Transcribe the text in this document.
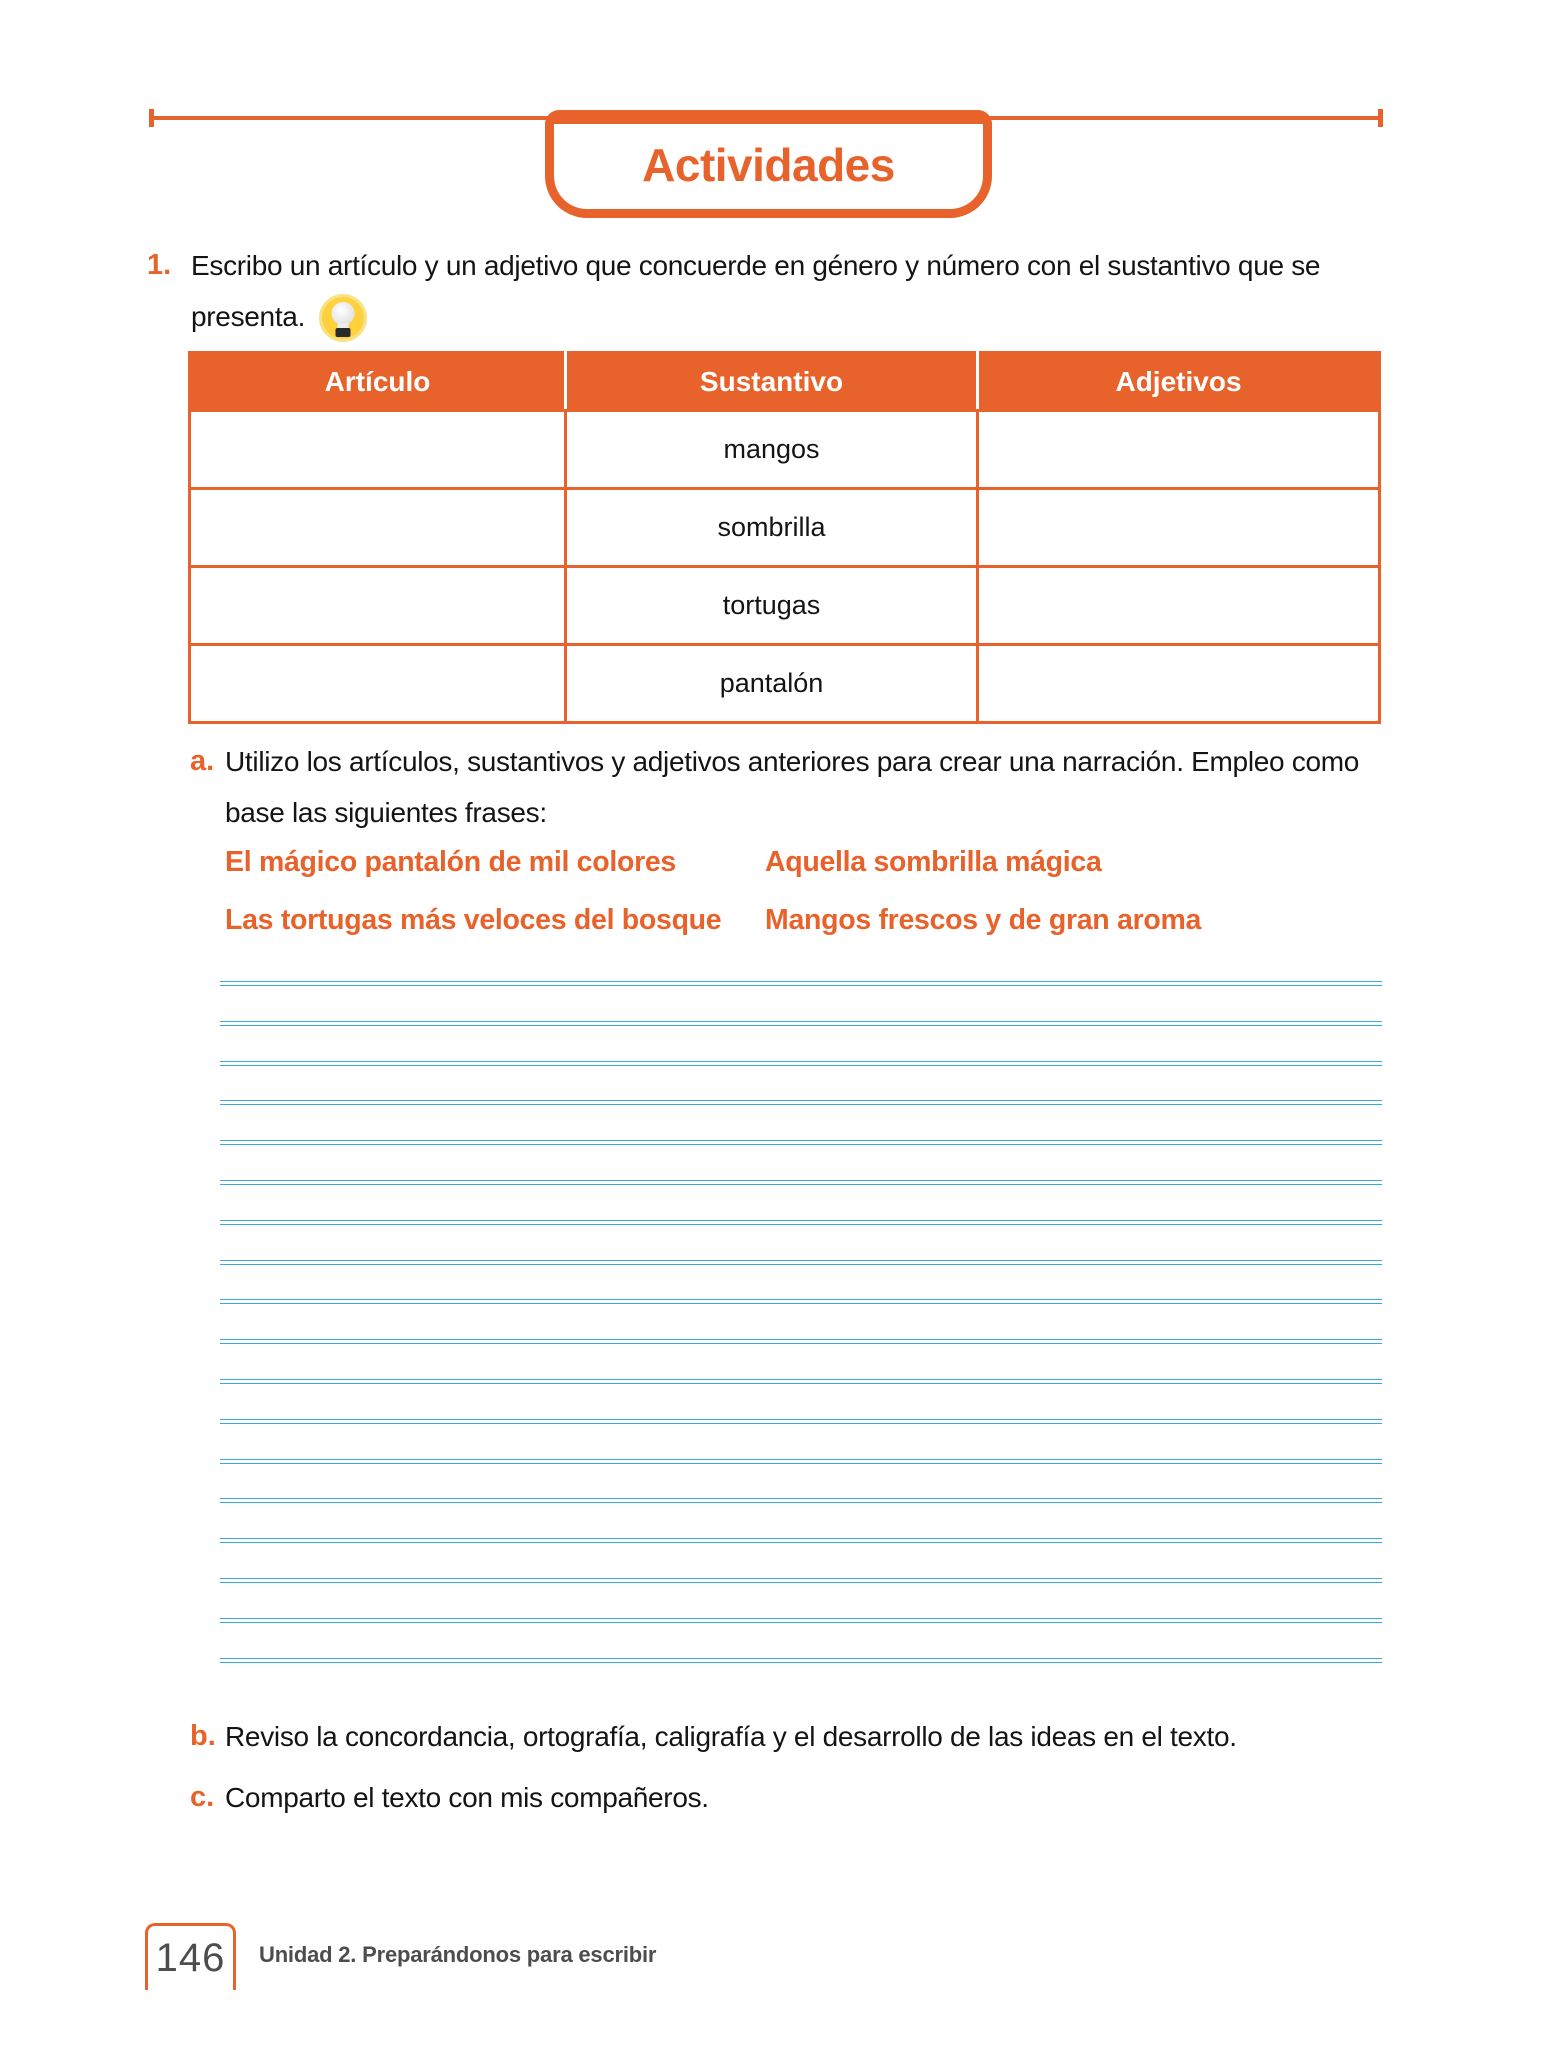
Actividades
1. Escribo un artículo y un adjetivo que concuerde en género y número con el sustantivo que se
presenta.
Artículo	Sustantivo	Adjetivos
	mangos	
	sombrilla	
	tortugas	
	pantalón	
a. Utilizo los artículos, sustantivos y adjetivos anteriores para crear una narración. Empleo como
base las siguientes frases:
El mágico pantalón de mil colores	Aquella sombrilla mágica
Las tortugas más veloces del bosque	Mangos frescos y de gran aroma
b. Reviso la concordancia, ortografía, caligrafía y el desarrollo de las ideas en el texto.
c. Comparto el texto con mis compañeros.
146 Unidad 2. Preparándonos para escribir
